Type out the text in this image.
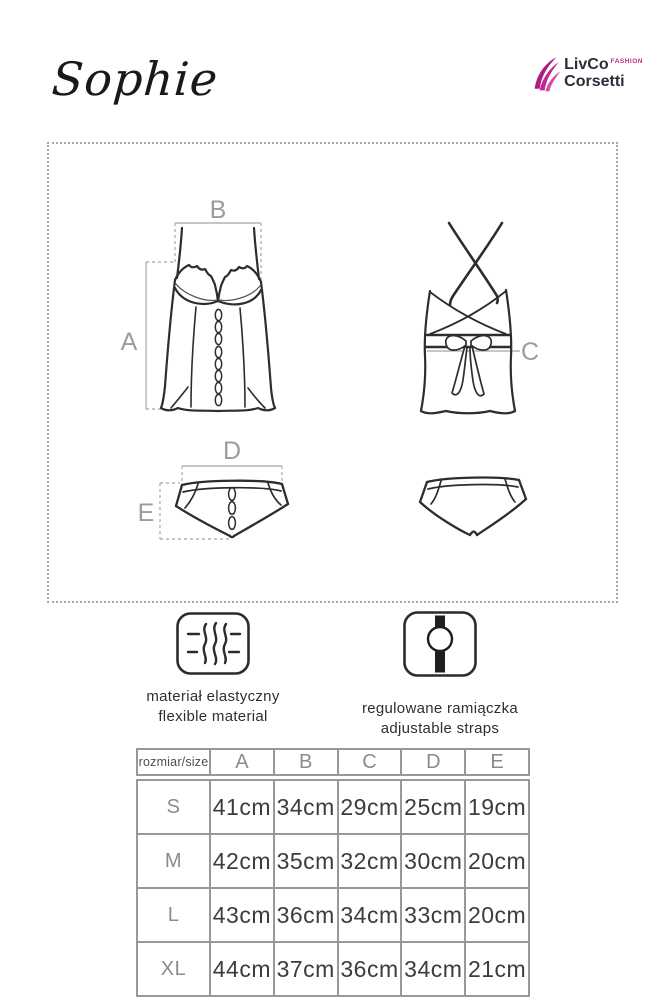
Sophie	LivCo FASHION
Corsetti
A
B
C
D
E
materiał elastyczny
flexible material	regulowane ramiączka
adjustable straps
rozmiar/size	A	B	C	D	E
S	41cm	34cm	29cm	25cm	19cm
M	42cm	35cm	32cm	30cm	20cm
L	43cm	36cm	34cm	33cm	20cm
XL	44cm	37cm	36cm	34cm	21cm
